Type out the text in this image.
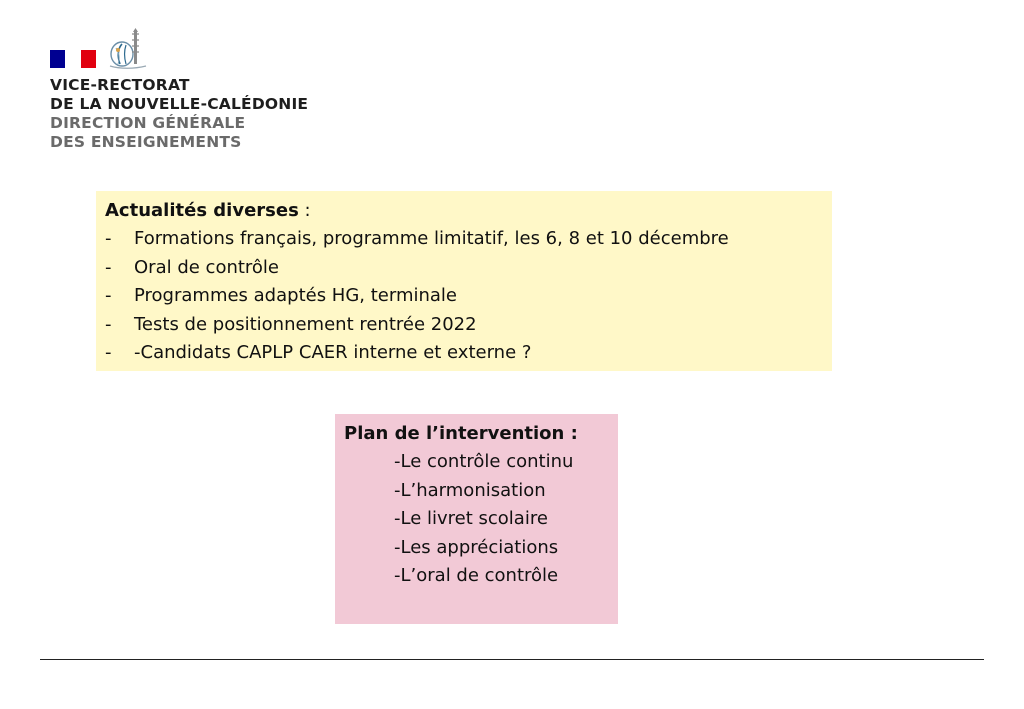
VICE-RECTORAT
DE LA NOUVELLE-CALÉDONIE
DIRECTION GÉNÉRALE
DES ENSEIGNEMENTS
Actualités diverses :
-	Formations français, programme limitatif, les 6, 8 et 10 décembre
-	Oral de contrôle
-	Programmes adaptés HG, terminale
-	Tests de positionnement rentrée 2022
-	-Candidats CAPLP CAER interne et externe ?
Plan de l’intervention :
-Le contrôle continu
-L’harmonisation
-Le livret scolaire
-Les appréciations
-L’oral de contrôle
